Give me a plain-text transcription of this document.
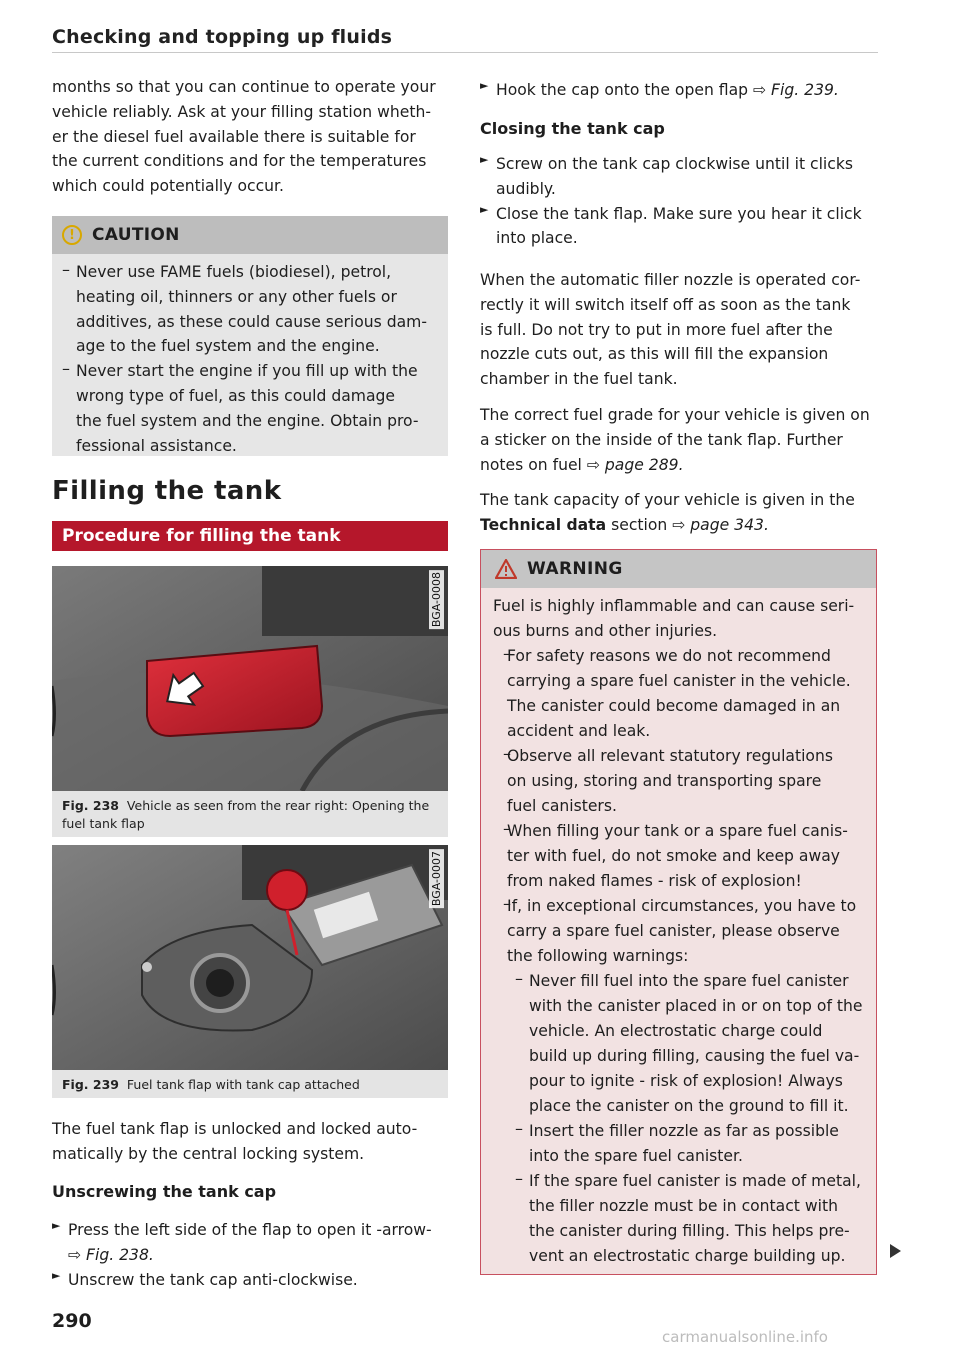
Checking and topping up fluids

months so that you can continue to operate your

vehicle reliably. Ask at your filling station wheth-

er the diesel fuel available there is suitable for

the current conditions and for the temperatures

which could potentially occur.

!	CAUTION

– Never use FAME fuels (biodiesel), petrol,

heating oil, thinners or any other fuels or

additives, as these could cause serious dam-

age to the fuel system and the engine.

– Never start the engine if you fill up with the

wrong type of fuel, as this could damage

the fuel system and the engine. Obtain pro-

fessional assistance.

Filling the tank
Procedure for filling the tank
BGA-0008
Fig. 238 Vehicle as seen from the rear right: Opening the fuel tank flap
BGA-0007
Fig. 239 Fuel tank flap with tank cap attached

The fuel tank flap is unlocked and locked auto-

matically by the central locking system.

Unscrewing the tank cap

► Press the left side of the flap to open it -arrow-

⇨ Fig. 238.

► Unscrew the tank cap anti-clockwise.

► Hook the cap onto the open flap ⇨ Fig. 239.

Closing the tank cap

► Screw on the tank cap clockwise until it clicks

audibly.

► Close the tank flap. Make sure you hear it click

into place.

When the automatic filler nozzle is operated cor-

rectly it will switch itself off as soon as the tank

is full. Do not try to put in more fuel after the

nozzle cuts out, as this will fill the expansion

chamber in the fuel tank.

The correct fuel grade for your vehicle is given on

a sticker on the inside of the tank flap. Further

notes on fuel ⇨ page 289.

The tank capacity of your vehicle is given in the

Technical data section ⇨ page 343.

WARNING

Fuel is highly inflammable and can cause seri-

ous burns and other injuries.

– For safety reasons we do not recommend

carrying a spare fuel canister in the vehicle.

The canister could become damaged in an

accident and leak.

– Observe all relevant statutory regulations

on using, storing and transporting spare

fuel canisters.

– When filling your tank or a spare fuel canis-

ter with fuel, do not smoke and keep away

from naked flames - risk of explosion!

– If, in exceptional circumstances, you have to

carry a spare fuel canister, please observe

the following warnings:

– Never fill fuel into the spare fuel canister

with the canister placed in or on top of the

vehicle. An electrostatic charge could

build up during filling, causing the fuel va-

pour to ignite - risk of explosion! Always

place the canister on the ground to fill it.

– Insert the filler nozzle as far as possible

into the spare fuel canister.

– If the spare fuel canister is made of metal,

the filler nozzle must be in contact with

the canister during filling. This helps pre-

vent an electrostatic charge building up.

290
carmanualsonline.info
